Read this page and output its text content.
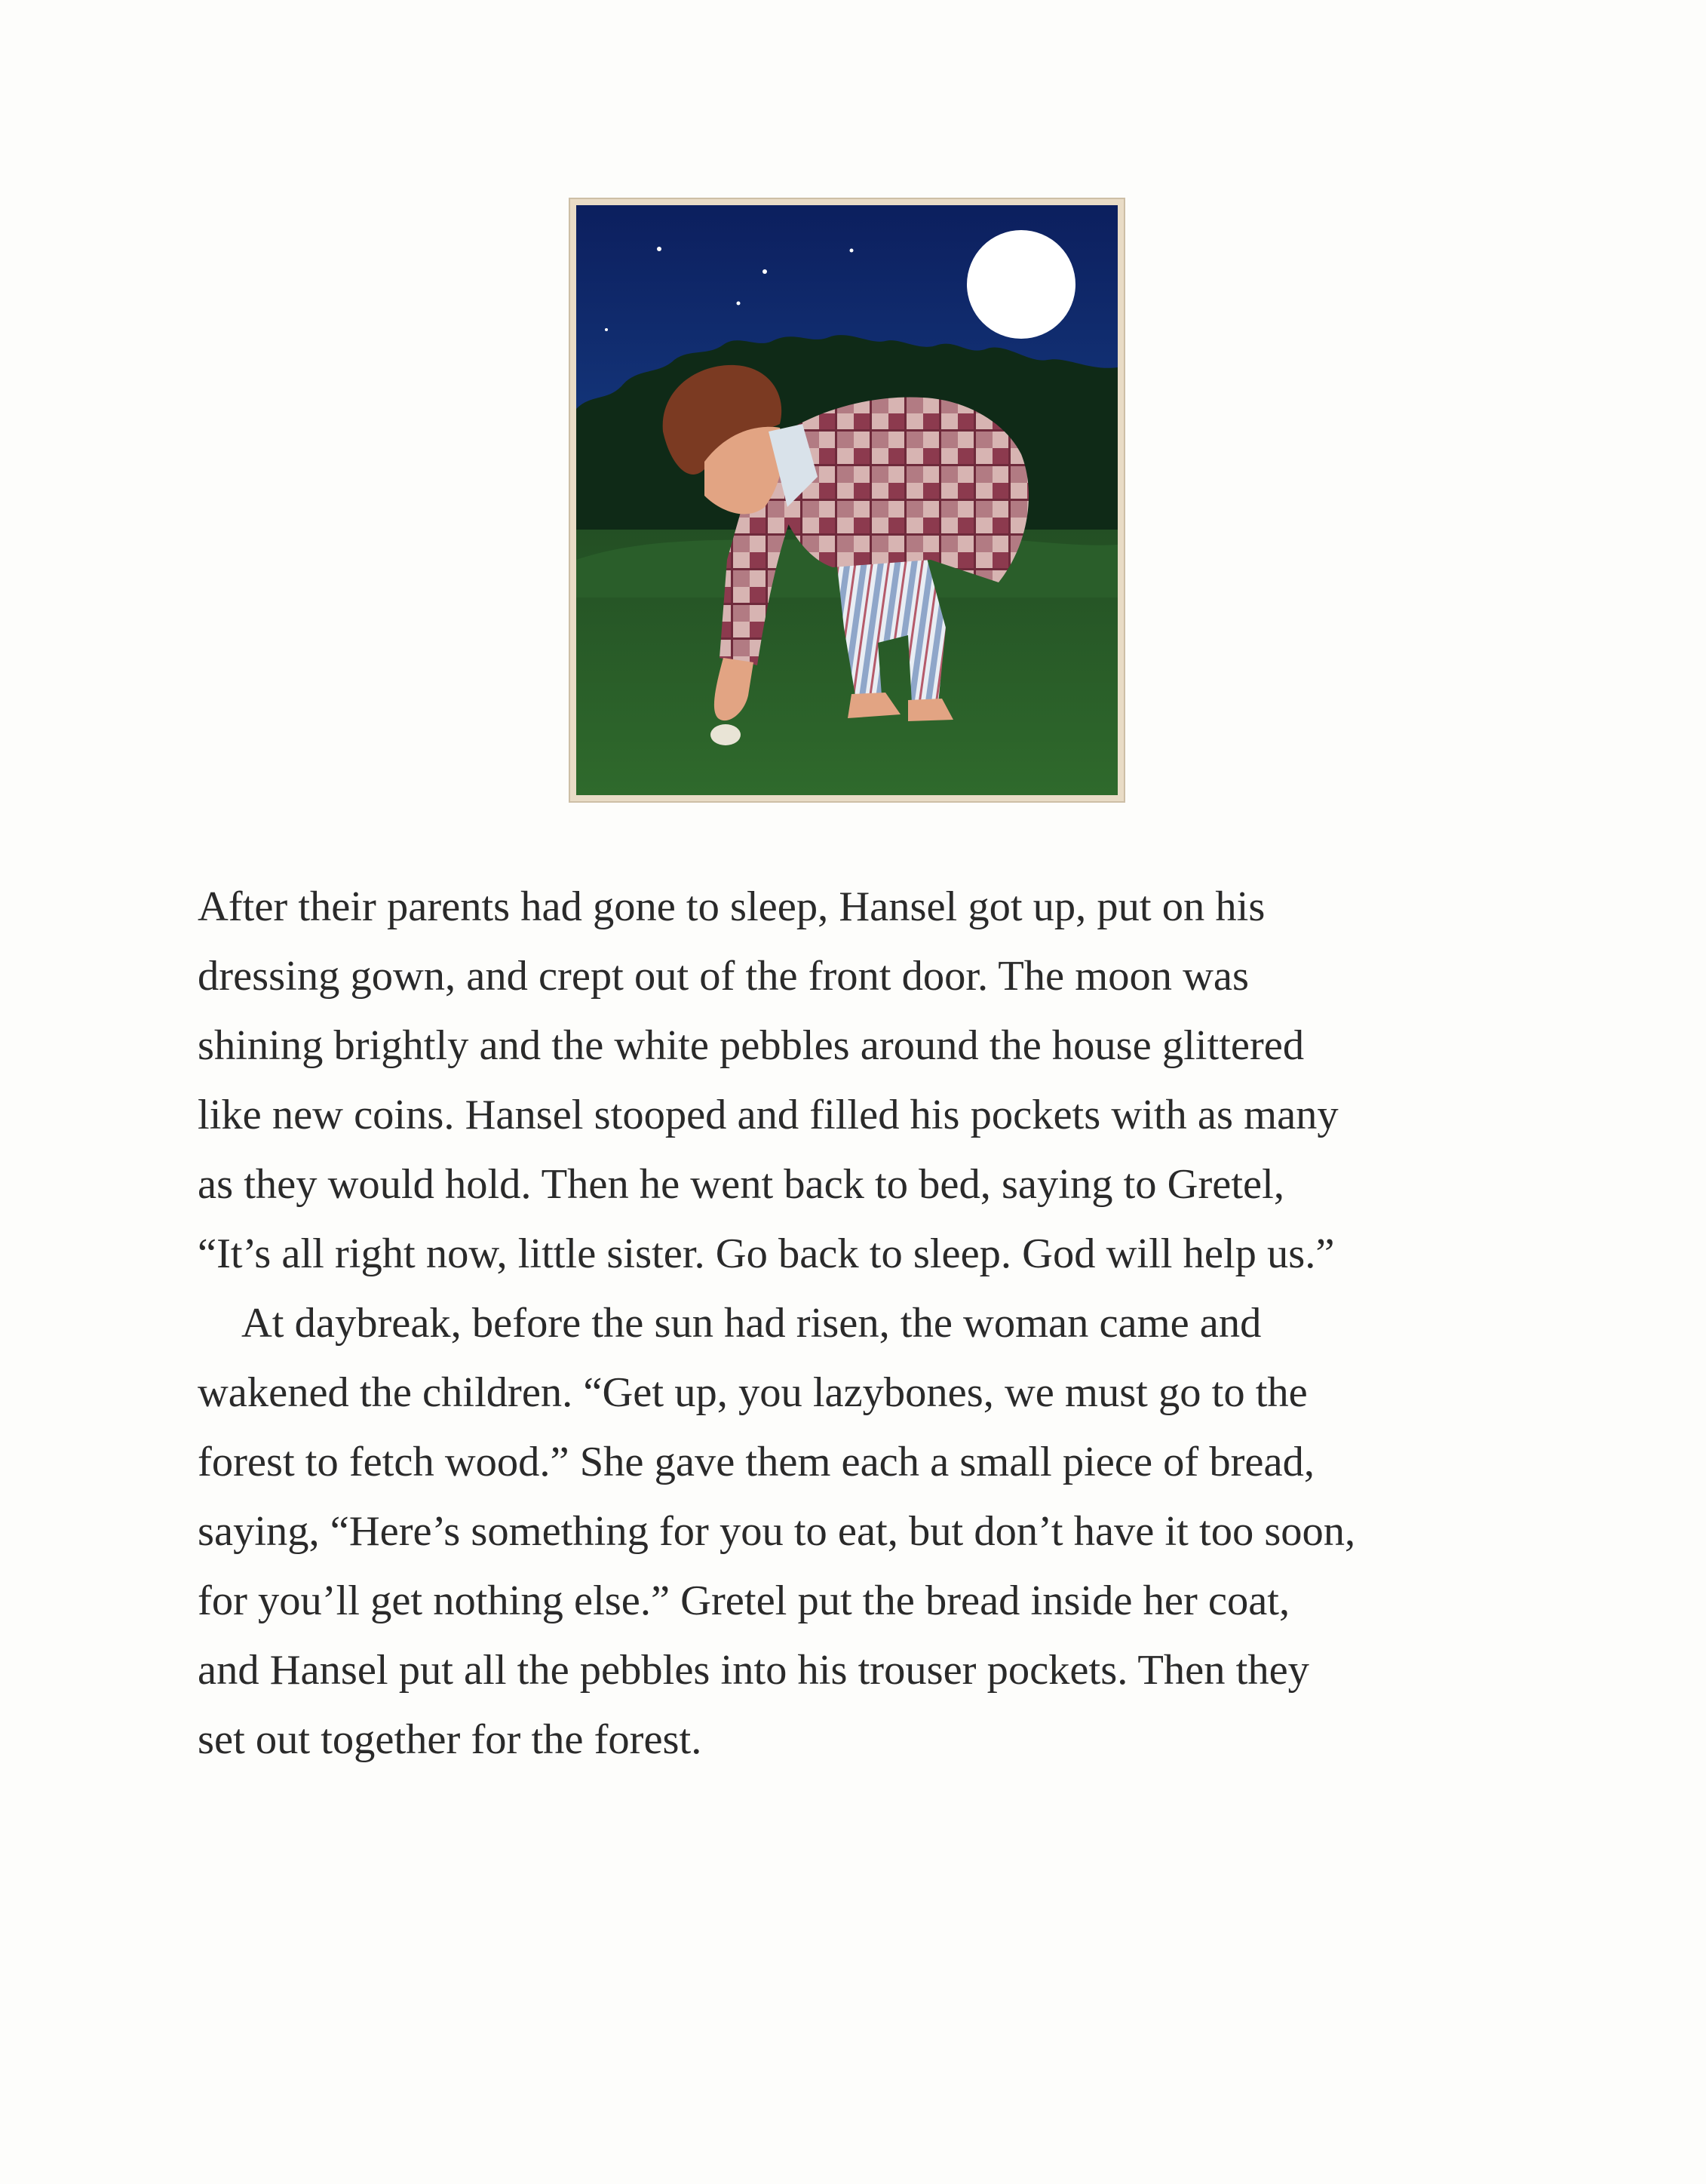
After their parents had gone to sleep, Hansel got up, put on his
dressing gown, and crept out of the front door. The moon was
shining brightly and the white pebbles around the house glittered
like new coins. Hansel stooped and filled his pockets with as many
as they would hold. Then he went back to bed, saying to Gretel,
“It’s all right now, little sister. Go back to sleep. God will help us.”

At daybreak, before the sun had risen, the woman came and
wakened the children. “Get up, you lazybones, we must go to the
forest to fetch wood.” She gave them each a small piece of bread,
saying, “Here’s something for you to eat, but don’t have it too soon,
for you’ll get nothing else.” Gretel put the bread inside her coat,
and Hansel put all the pebbles into his trouser pockets. Then they
set out together for the forest.
